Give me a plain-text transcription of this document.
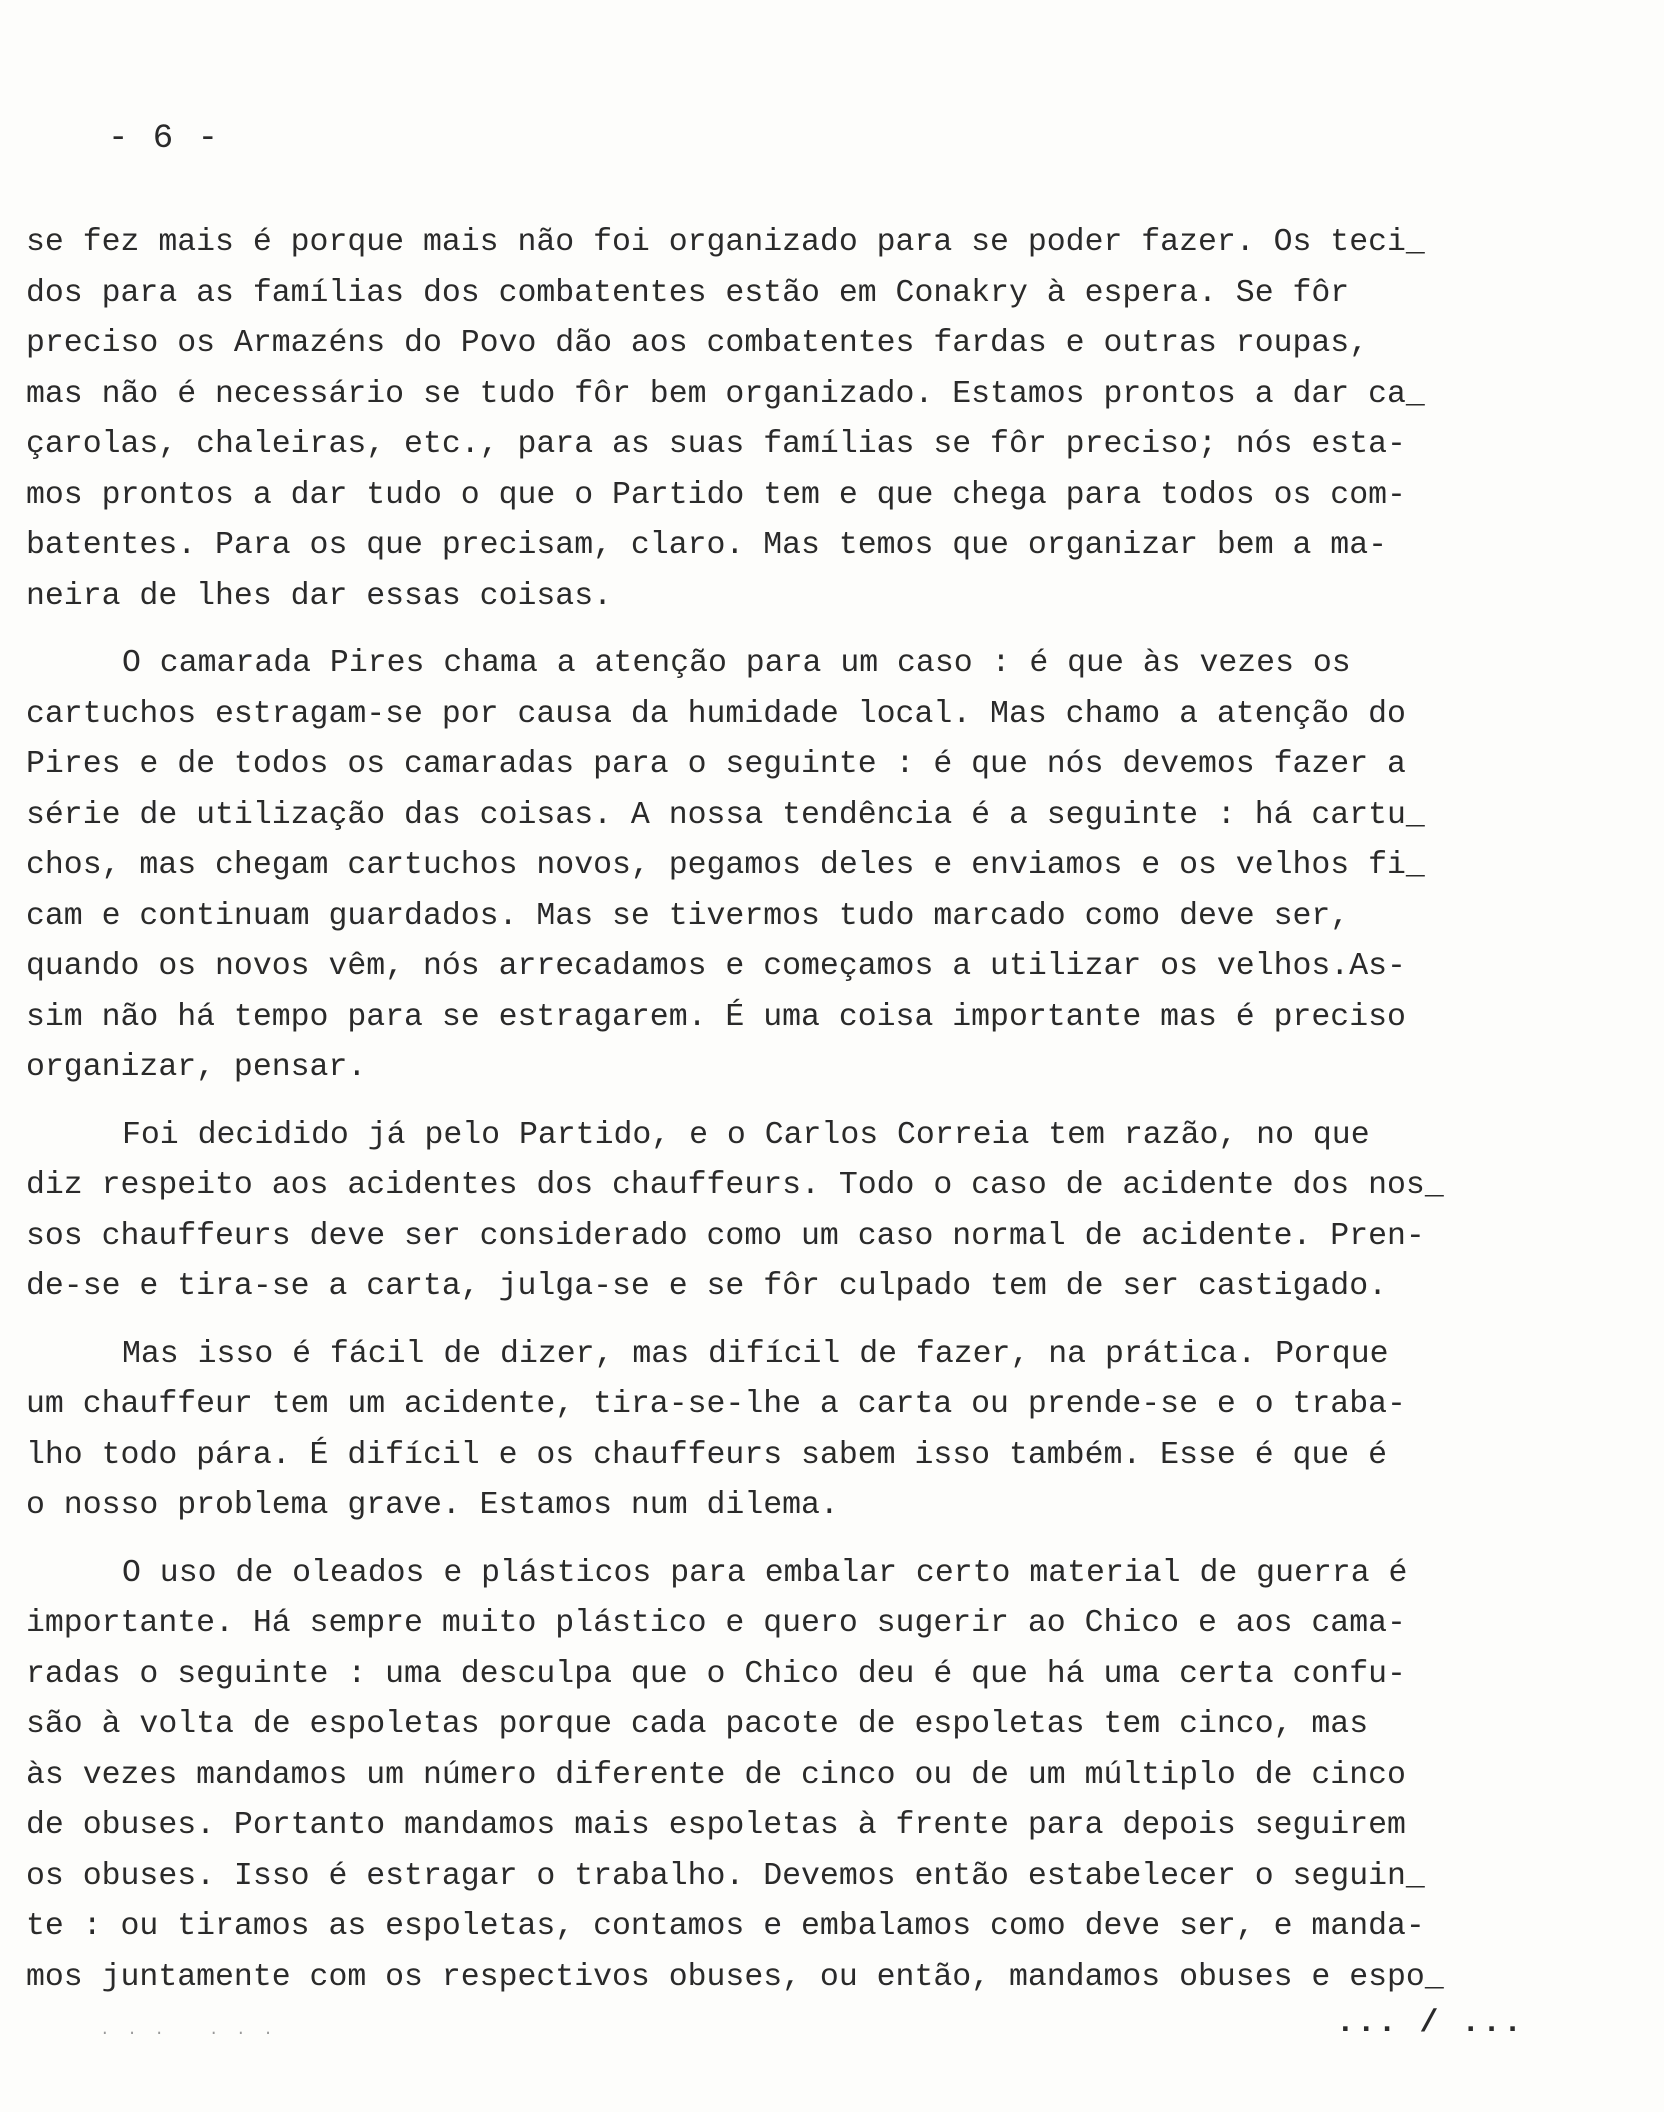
- 6 -
se fez mais é porque mais não foi organizado para se poder fazer. Os teci_
dos para as famílias dos combatentes estão em Conakry à espera. Se fôr
preciso os Armazéns do Povo dão aos combatentes fardas e outras roupas,
mas não é necessário se tudo fôr bem organizado. Estamos prontos a dar ca_
çarolas, chaleiras, etc., para as suas famílias se fôr preciso; nós esta-
mos prontos a dar tudo o que o Partido tem e que chega para todos os com-
batentes. Para os que precisam, claro. Mas temos que organizar bem a ma-
neira de lhes dar essas coisas.
O camarada Pires chama a atenção para um caso : é que às vezes os
cartuchos estragam-se por causa da humidade local. Mas chamo a atenção do
Pires e de todos os camaradas para o seguinte : é que nós devemos fazer a
série de utilização das coisas. A nossa tendência é a seguinte : há cartu_
chos, mas chegam cartuchos novos, pegamos deles e enviamos e os velhos fi_
cam e continuam guardados. Mas se tivermos tudo marcado como deve ser,
quando os novos vêm, nós arrecadamos e começamos a utilizar os velhos.As-
sim não há tempo para se estragarem. É uma coisa importante mas é preciso
organizar, pensar.
Foi decidido já pelo Partido, e o Carlos Correia tem razão, no que
diz respeito aos acidentes dos chauffeurs. Todo o caso de acidente dos nos_
sos chauffeurs deve ser considerado como um caso normal de acidente. Pren-
de-se e tira-se a carta, julga-se e se fôr culpado tem de ser castigado.
Mas isso é fácil de dizer, mas difícil de fazer, na prática. Porque
um chauffeur tem um acidente, tira-se-lhe a carta ou prende-se e o traba-
lho todo pára. É difícil e os chauffeurs sabem isso também. Esse é que é
o nosso problema grave. Estamos num dilema.
O uso de oleados e plásticos para embalar certo material de guerra é
importante. Há sempre muito plástico e quero sugerir ao Chico e aos cama-
radas o seguinte : uma desculpa que o Chico deu é que há uma certa confu-
são à volta de espoletas porque cada pacote de espoletas tem cinco, mas
às vezes mandamos um número diferente de cinco ou de um múltiplo de cinco
de obuses. Portanto mandamos mais espoletas à frente para depois seguirem
os obuses. Isso é estragar o trabalho. Devemos então estabelecer o seguin_
te : ou tiramos as espoletas, contamos e embalamos como deve ser, e manda-
mos juntamente com os respectivos obuses, ou então, mandamos obuses e espo_
· · ·   · · ·	... / ...
